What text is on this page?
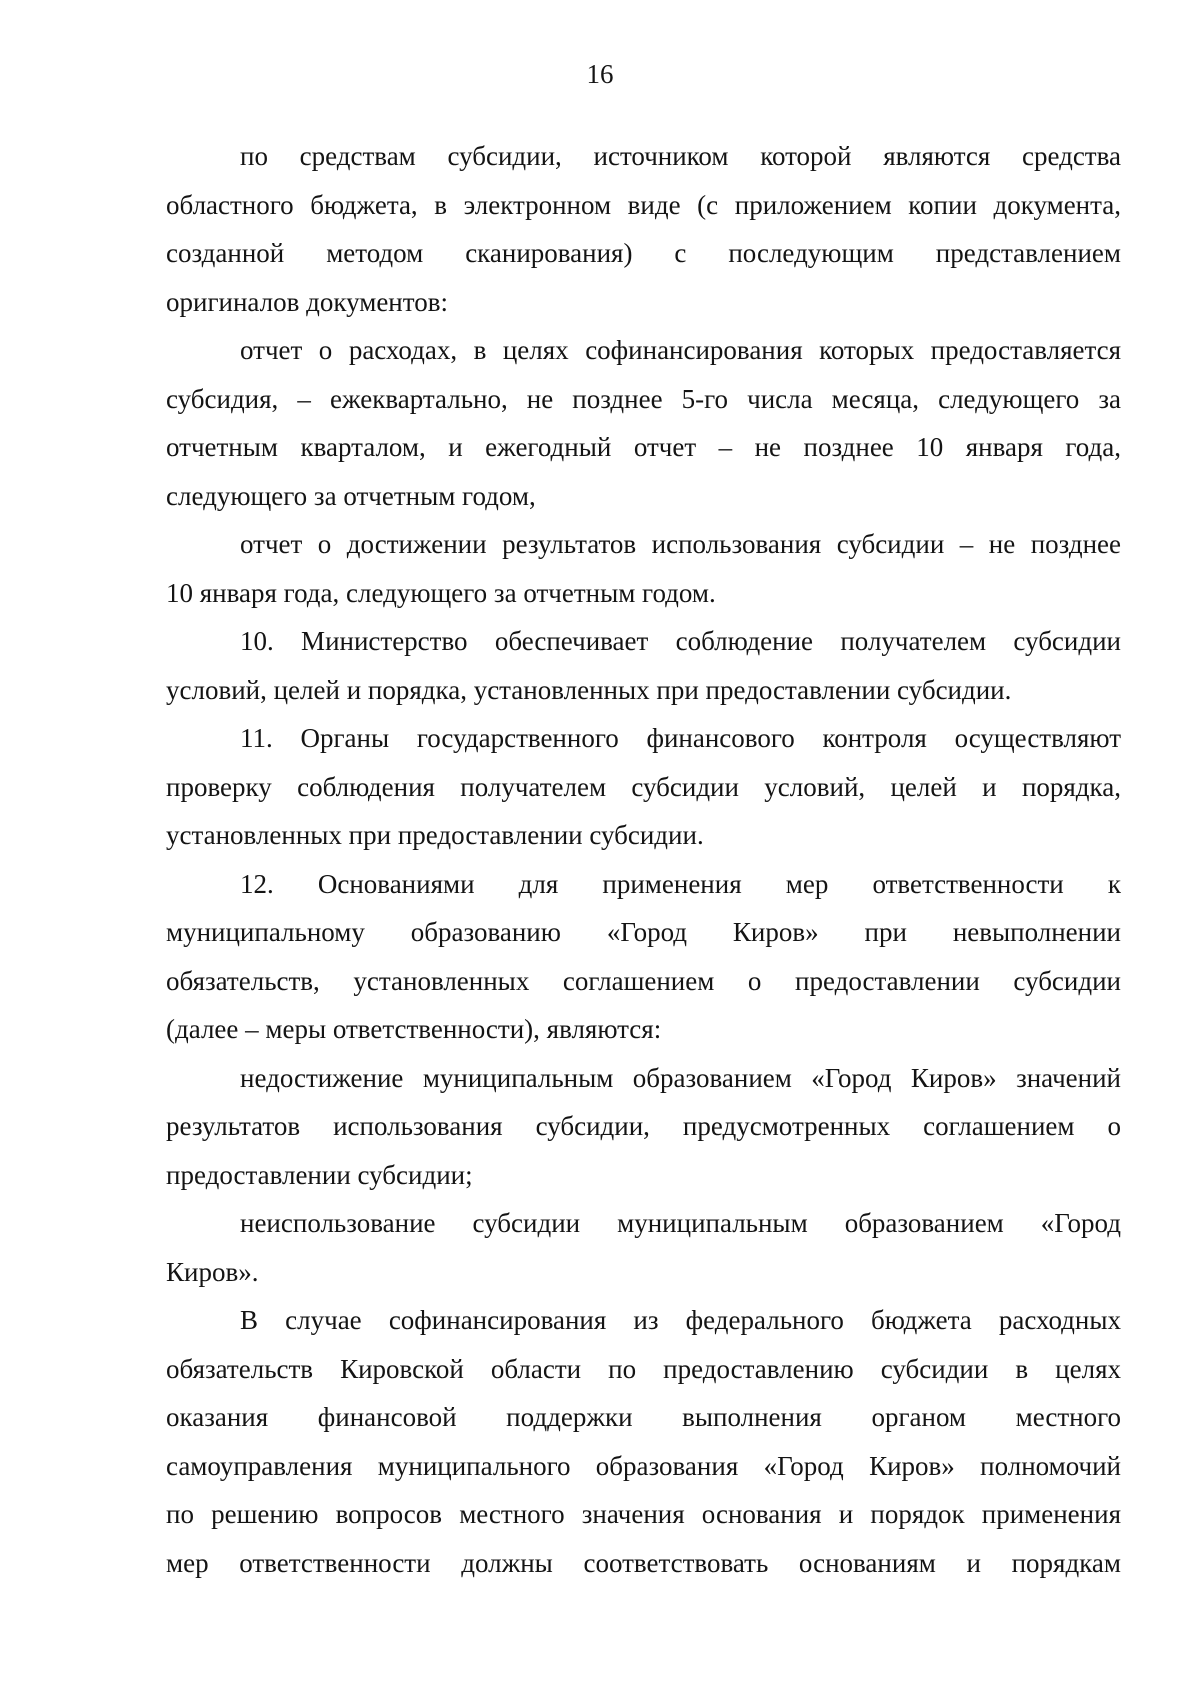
16

по средствам субсидии, источником которой являются средства
областного бюджета, в электронном виде (с приложением копии документа,
созданной методом сканирования) с последующим представлением
оригиналов документов:

отчет о расходах, в целях софинансирования которых предоставляется
субсидия, – ежеквартально, не позднее 5-го числа месяца, следующего за
отчетным кварталом, и ежегодный отчет – не позднее 10 января года,
следующего за отчетным годом,

отчет о достижении результатов использования субсидии – не позднее
10 января года, следующего за отчетным годом.

10. Министерство обеспечивает соблюдение получателем субсидии
условий, целей и порядка, установленных при предоставлении субсидии.

11. Органы государственного финансового контроля осуществляют
проверку соблюдения получателем субсидии условий, целей и порядка,
установленных при предоставлении субсидии.

12. Основаниями для применения мер ответственности к
муниципальному образованию «Город Киров» при невыполнении
обязательств, установленных соглашением о предоставлении субсидии
(далее – меры ответственности), являются:

недостижение муниципальным образованием «Город Киров» значений
результатов использования субсидии, предусмотренных соглашением о
предоставлении субсидии;

неиспользование субсидии муниципальным образованием «Город
Киров».

В случае софинансирования из федерального бюджета расходных
обязательств Кировской области по предоставлению субсидии в целях
оказания финансовой поддержки выполнения органом местного
самоуправления муниципального образования «Город Киров» полномочий
по решению вопросов местного значения основания и порядок применения
мер ответственности должны соответствовать основаниям и порядкам
